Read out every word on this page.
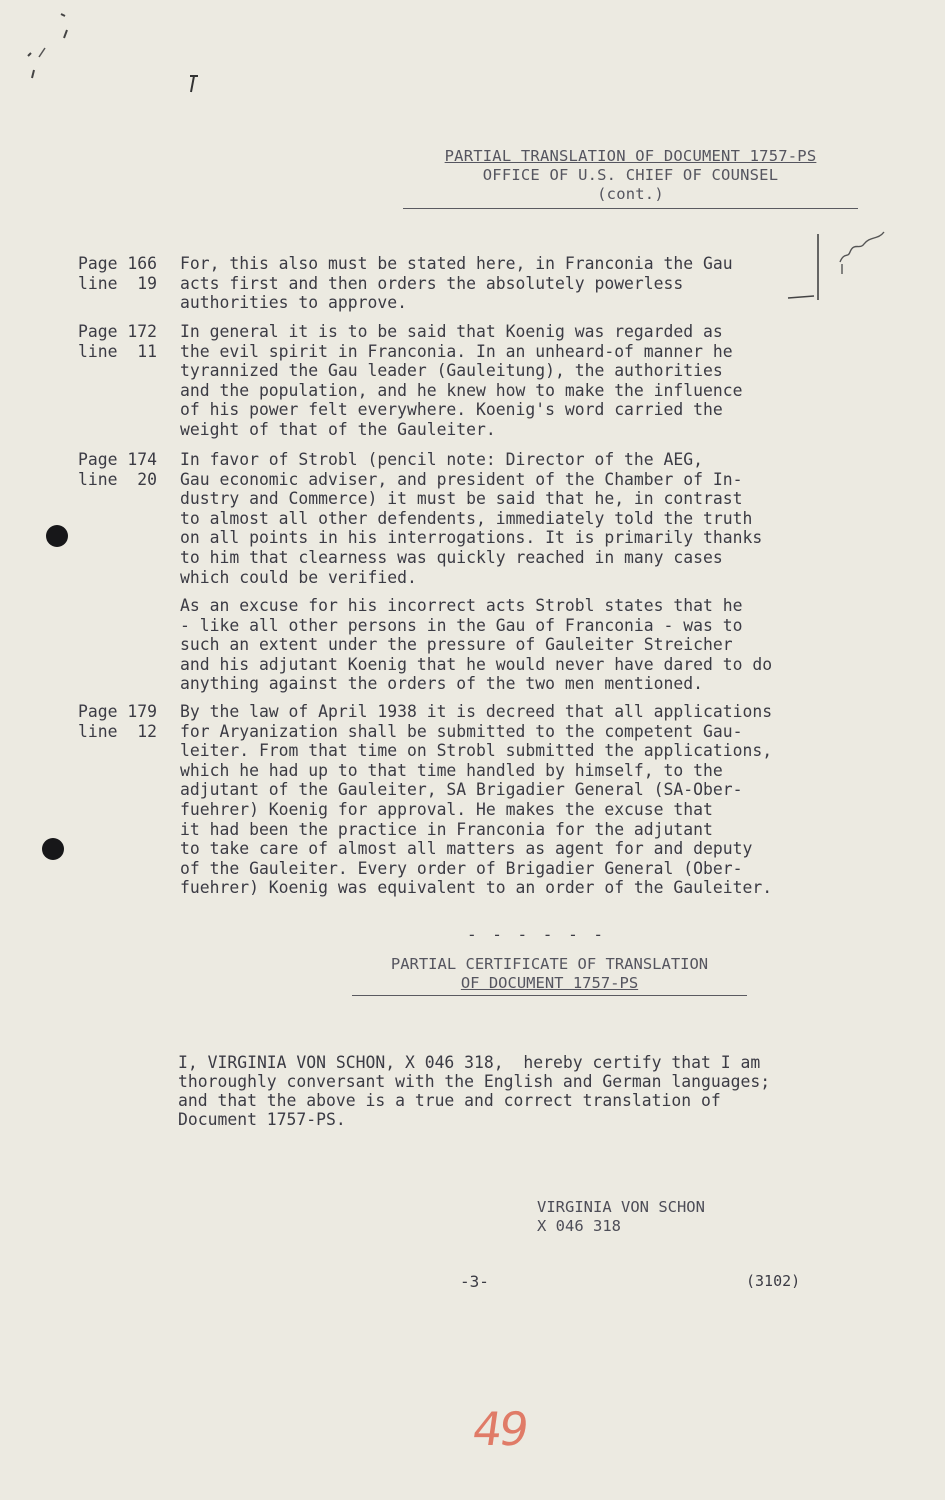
PARTIAL TRANSLATION OF DOCUMENT 1757-PS
OFFICE OF U.S. CHIEF OF COUNSEL
(cont.)
Page 166
line  19
For, this also must be stated here, in Franconia the Gau
acts first and then orders the absolutely powerless
authorities to approve.
Page 172
line  11
In general it is to be said that Koenig was regarded as
the evil spirit in Franconia. In an unheard-of manner he
tyrannized the Gau leader (Gauleitung), the authorities
and the population, and he knew how to make the influence
of his power felt everywhere. Koenig's word carried the
weight of that of the Gauleiter.
Page 174
line  20
In favor of Strobl (pencil note: Director of the AEG,
Gau economic adviser, and president of the Chamber of In-
dustry and Commerce) it must be said that he, in contrast
to almost all other defendents, immediately told the truth
on all points in his interrogations. It is primarily thanks
to him that clearness was quickly reached in many cases
which could be verified.
As an excuse for his incorrect acts Strobl states that he
- like all other persons in the Gau of Franconia - was to
such an extent under the pressure of Gauleiter Streicher
and his adjutant Koenig that he would never have dared to do
anything against the orders of the two men mentioned.
Page 179
line  12
By the law of April 1938 it is decreed that all applications
for Aryanization shall be submitted to the competent Gau-
leiter. From that time on Strobl submitted the applications,
which he had up to that time handled by himself, to the
adjutant of the Gauleiter, SA Brigadier General (SA-Ober-
fuehrer) Koenig for approval. He makes the excuse that
it had been the practice in Franconia for the adjutant
to take care of almost all matters as agent for and deputy
of the Gauleiter. Every order of Brigadier General (Ober-
fuehrer) Koenig was equivalent to an order of the Gauleiter.
- - - - - -
PARTIAL CERTIFICATE OF TRANSLATION
OF DOCUMENT 1757-PS
I, VIRGINIA VON SCHON, X 046 318,  hereby certify that I am
thoroughly conversant with the English and German languages;
and that the above is a true and correct translation of
Document 1757-PS.
VIRGINIA VON SCHON
X 046 318
-3-	(3102)
49
